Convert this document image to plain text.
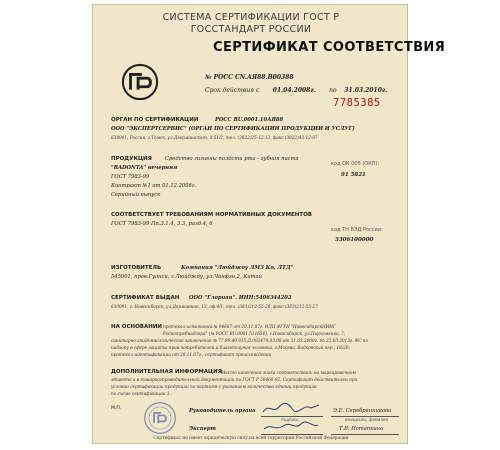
СИСТЕМА СЕРТИФИКАЦИИ ГОСТ Р
ГОССТАНДАРТ РОССИИ
СЕРТИФИКАТ СООТВЕТСТВИЯ
№ РОСС CN.АЯ88.В00388
Срок действия с 01.04.2008г. по 31.03.2010г.
7785385
ОРГАН ПО СЕРТИФИКАЦИИ	РОСС RU.0001.10АЯ88
ООО "ЭКСПЕРТСЕРВИС" (ОРГАН ПО СЕРТИФИКАЦИИ ПРОДУКЦИИ И УСЛУГ)
634041, Россия, г.Томск, ул.Дзержинского, д.51/2, тел. (3822)25-12-13, факс (3822)43-12-97
ПРОДУКЦИЯ	Средство гигиены полости рта - зубная паста
"RADONTA" вечерняя
ГОСТ 7983-99
Контракт №1 от 01.12.2006г.
Серийный выпуск
код ОК 005 (ОКП):
91 5821
СООТВЕТСТВУЕТ ТРЕБОВАНИЯМ НОРМАТИВНЫХ ДОКУМЕНТОВ
ГОСТ 7983-99 Пп.3.1.4, 3.3, разд.4, 6
код ТН ВЭД России:
3306100000
ИЗГОТОВИТЕЛЬ	Компания "Люйджоу ЛМЗ Ко, ЛТД"
545001, пров.Гуанси, г.Люйджоу, ул.Чанфэн,2, Китай
СЕРТИФИКАТ ВЫДАН ООО "Глориан". ИНН:5406344202
630091, г. Новосибирск, ул.Державина, 13, оф.4/1, тел. (383)212-55-26, факс (383)212-55-27
НА ОСНОВАНИИ протокол испытаний № 94687 от 20.11.07г. ИЛЦ ФГУН "НовосибирскНИИГ
Роспотребнадзора" (№ РОСС RU.0001.511656), г.Новосибирск, ул.Пархоменко, 7;
санитарно-эпидемиологическое заключение № 77.99.40.915.Д.002479.03.08 от 31.03.2008г. по 22.03.2013г. ФС по
надзору в сфере защиты прав потребителей и благополучия человека, г.Москва, Вадковский пер., 18/20;
протокол идентификации от 20.11.07г.; сертификат происхождения
ДОПОЛНИТЕЛЬНАЯ ИНФОРМАЦИЯ Место нанесения знака соответствия: на маркировочном
этикете и в товаросопроводительной документации по ГОСТ Р 50460-92. Сертификат действителен при
условии сертификации продукции по партиям с указанием количества единиц продукции
по схеме сертификации 3.
М.П.	Руководитель органа
подпись
Э.Е. Серебренникова
инициалы, фамилия
Эксперт	Т.В. Потапкина
Сертификат не имеет юридическую силу на всей территории Российской Федерации
